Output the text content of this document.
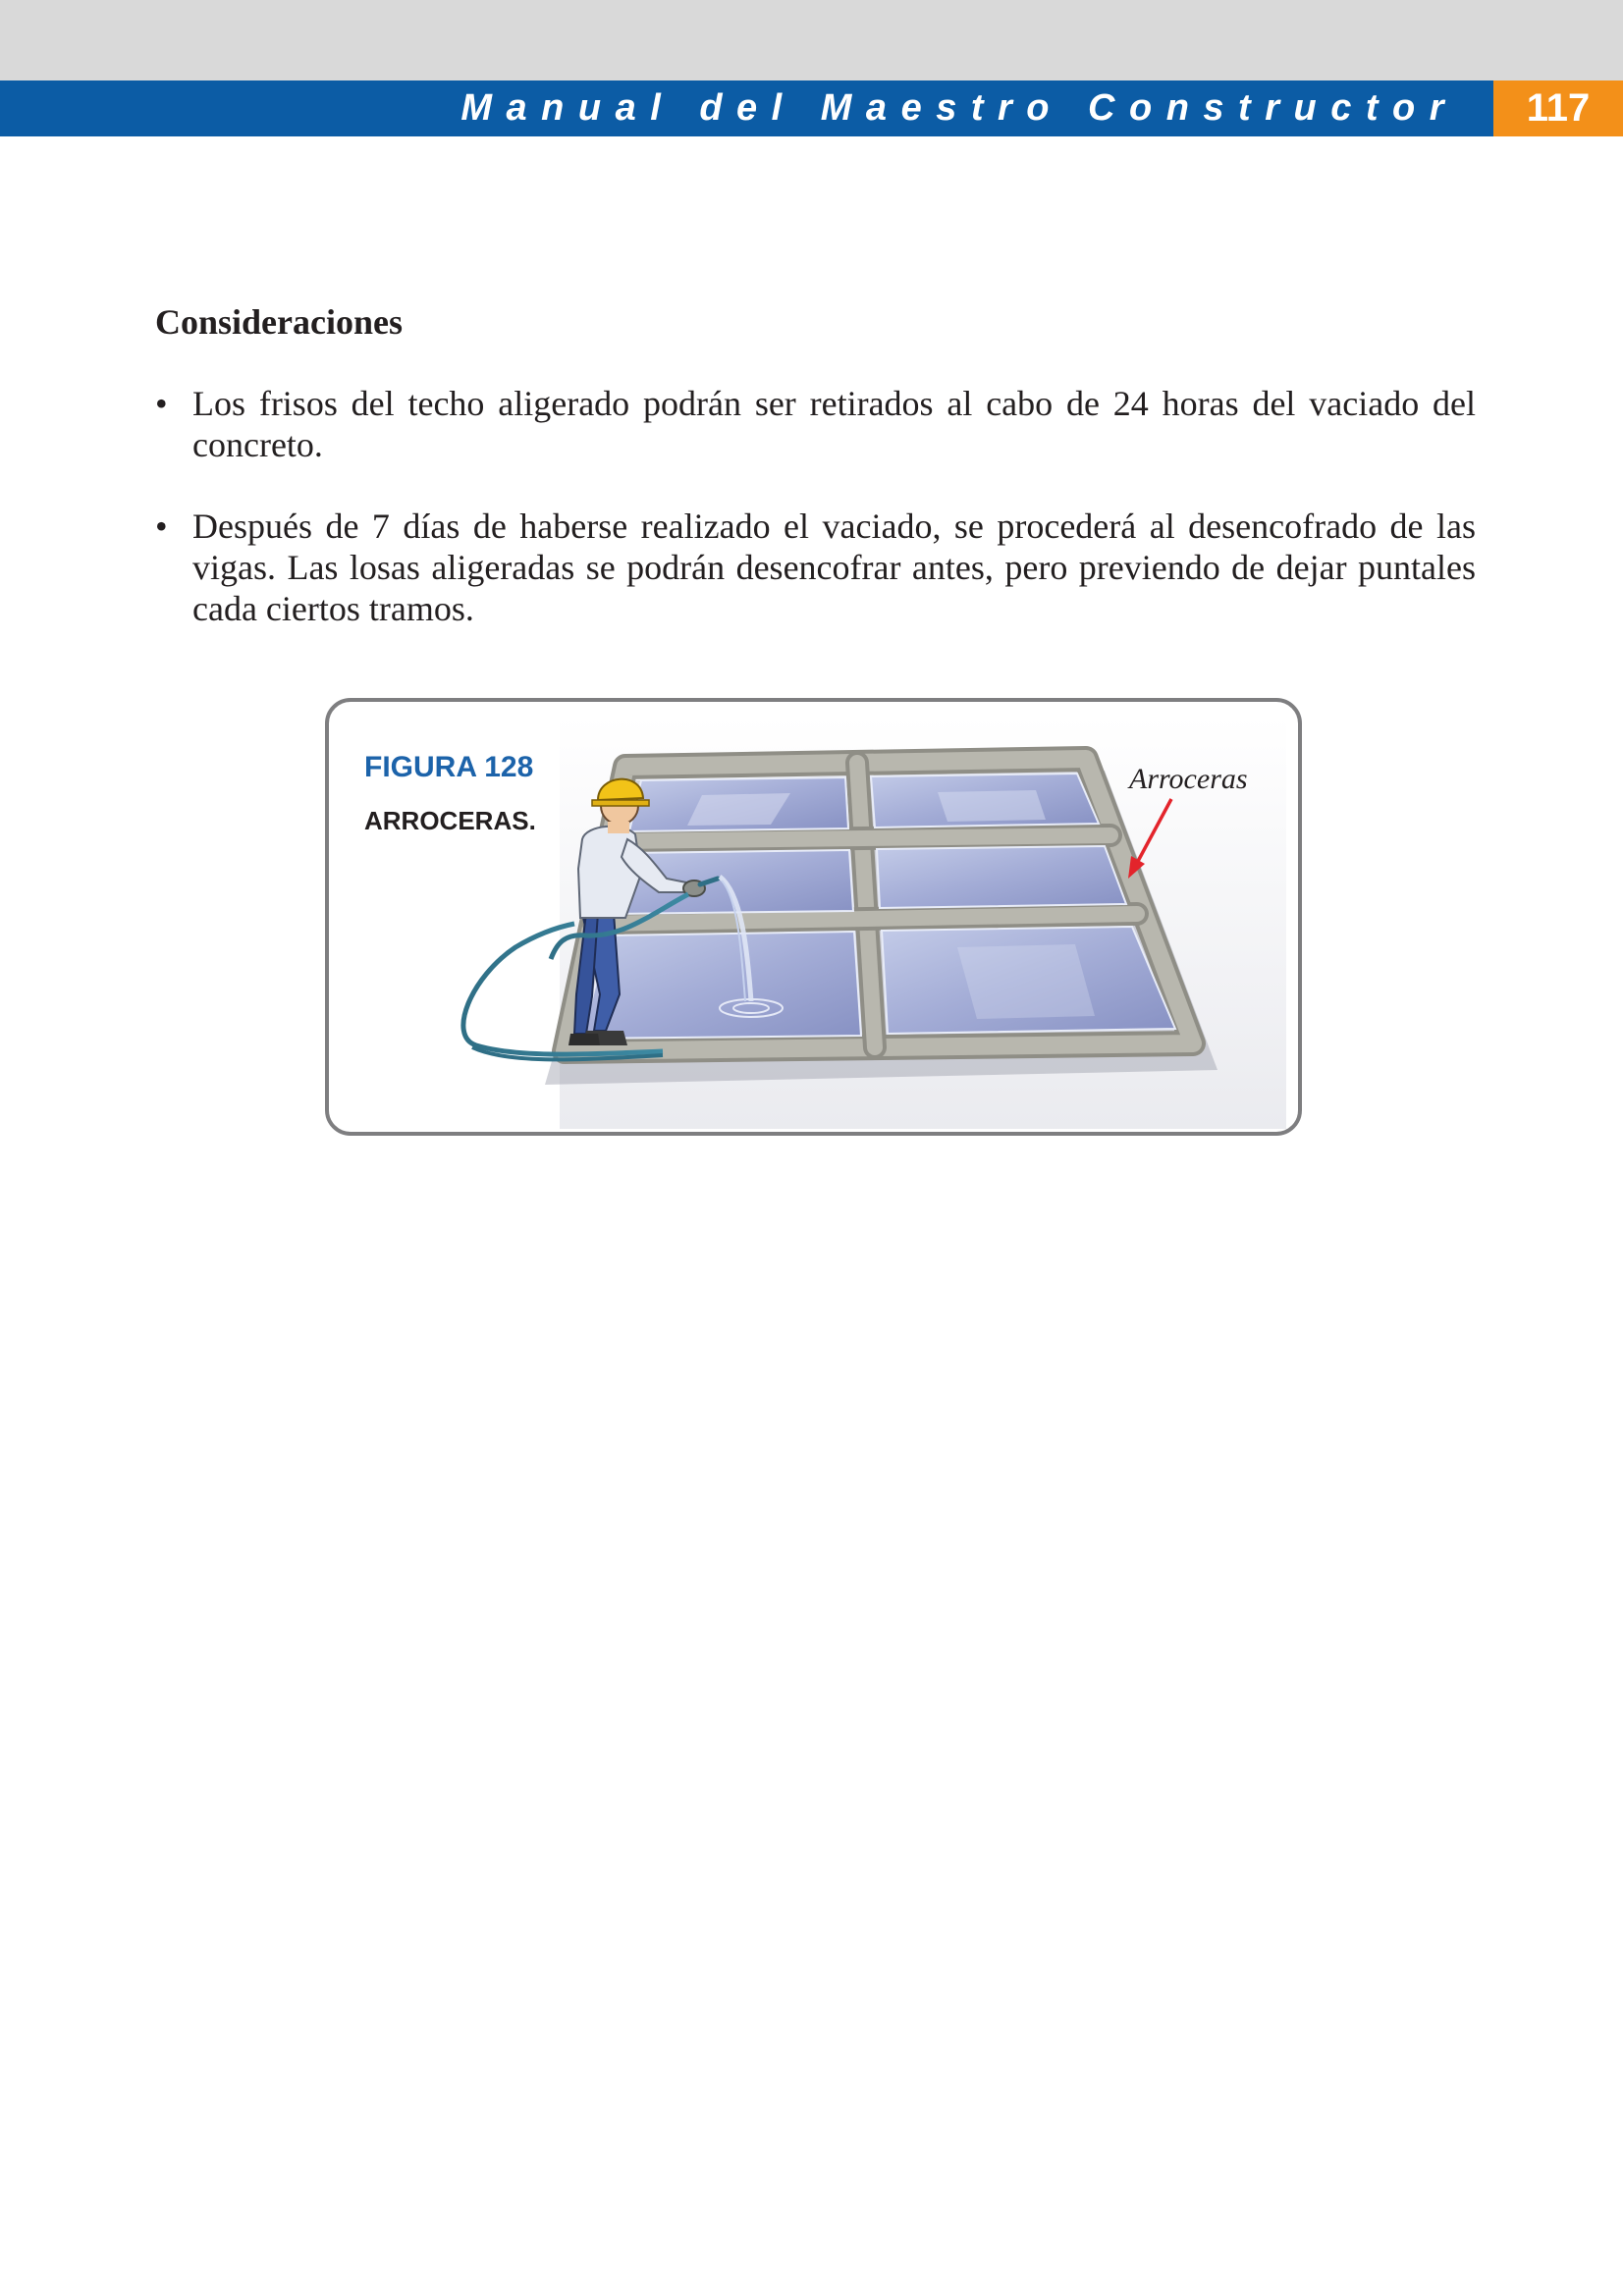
Manual del Maestro Constructor	117
Consideraciones
• Los frisos del techo aligerado podrán ser retirados al cabo de 24 horas del vaciado del concreto.
• Después de 7 días de haberse realizado el vaciado, se procederá al desencofrado de las vigas. Las losas aligeradas se podrán desencofrar antes, pero previendo de dejar puntales cada ciertos tramos.
FIGURA 128
ARROCERAS.
Arroceras
